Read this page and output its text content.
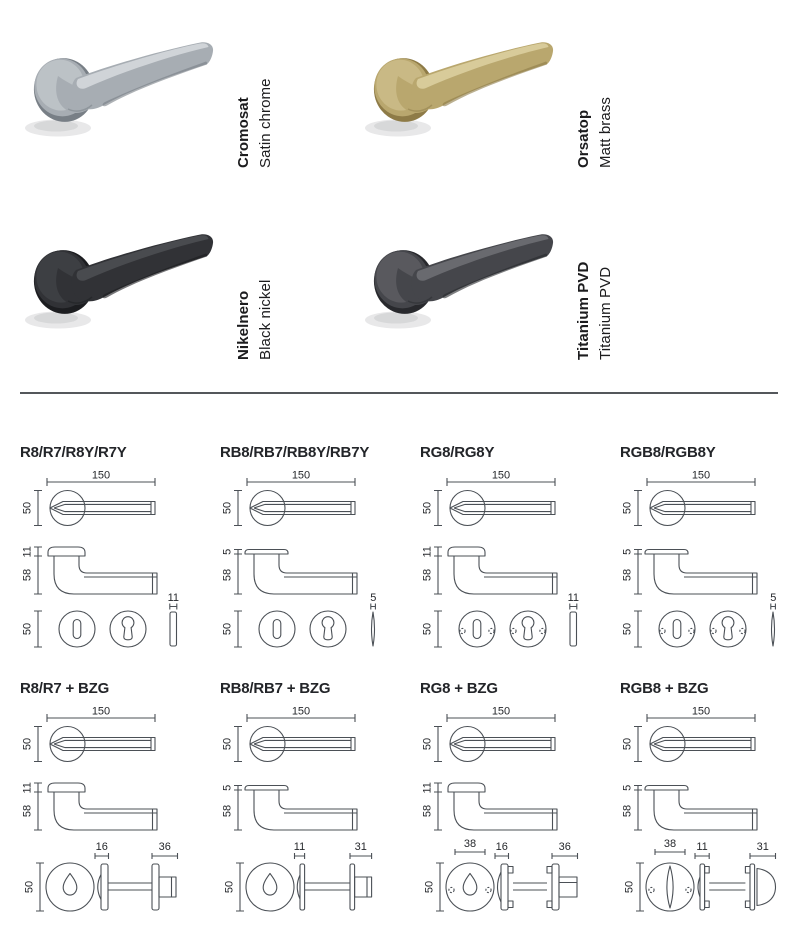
Cromosat Satin chrome	Orsatop Matt brass
Nikelnero Black nickel	Titanium PVD Titanium PVD
R8/R7/R8Y/R7Y
150
50
11
58
50
11
RB8/RB7/RB8Y/RB7Y
150
50
5
58
50
5
RG8/RG8Y
150
50
11
58
50
11
RGB8/RGB8Y
150
50
5
58
50
5
R8/R7 + BZG
150
50
11
58
50
16	36
RB8/RB7 + BZG
150
50
5
58
50
11	31
RG8 + BZG
150
50
11
58
50
38 16	36
RGB8 + BZG
150
50
5
58
50
38 11	31
